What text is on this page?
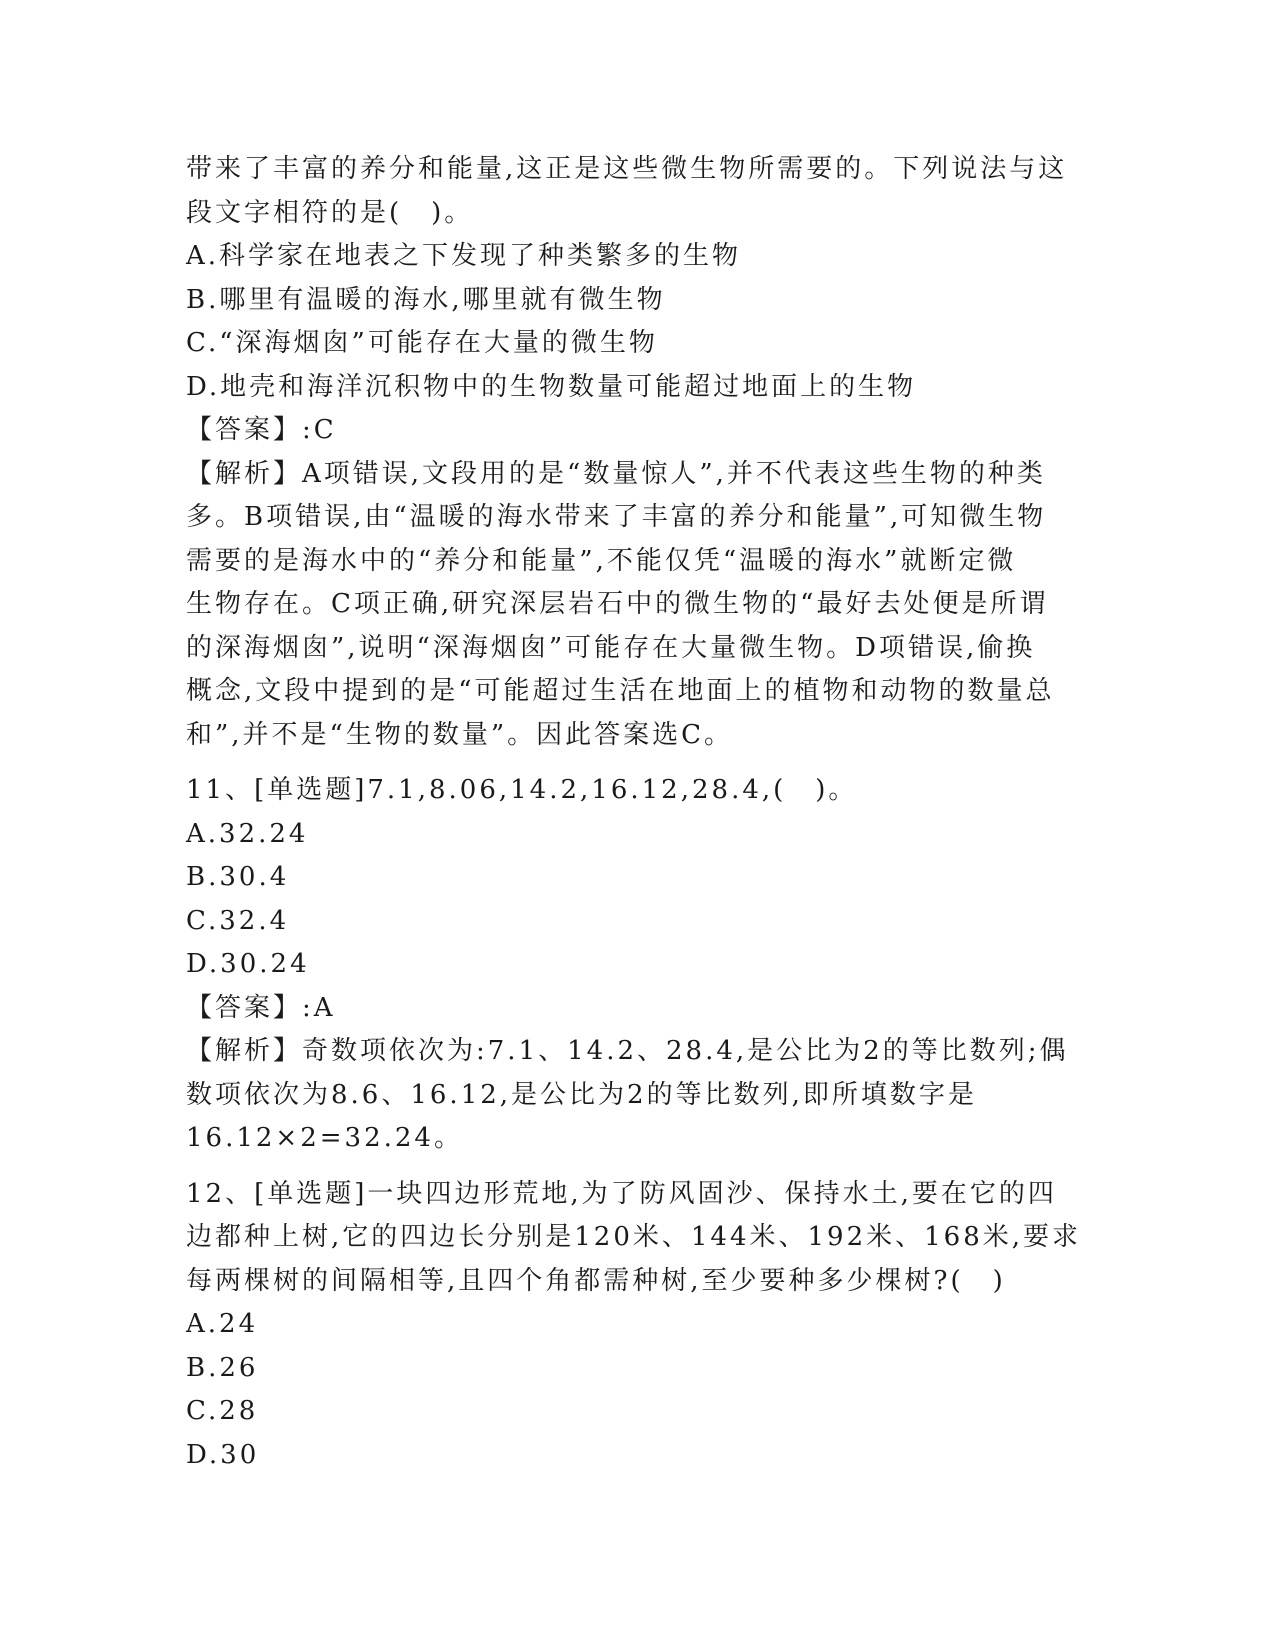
带来了丰富的养分和能量,这正是这些微生物所需要的。下列说法与这
段文字相符的是(　)。
A.科学家在地表之下发现了种类繁多的生物
B.哪里有温暖的海水,哪里就有微生物
C.“深海烟囱”可能存在大量的微生物
D.地壳和海洋沉积物中的生物数量可能超过地面上的生物
【答案】:C
【解析】A项错误,文段用的是“数量惊人”,并不代表这些生物的种类
多。B项错误,由“温暖的海水带来了丰富的养分和能量”,可知微生物
需要的是海水中的“养分和能量”,不能仅凭“温暖的海水”就断定微
生物存在。C项正确,研究深层岩石中的微生物的“最好去处便是所谓
的深海烟囱”,说明“深海烟囱”可能存在大量微生物。D项错误,偷换
概念,文段中提到的是“可能超过生活在地面上的植物和动物的数量总
和”,并不是“生物的数量”。因此答案选C。
11、[单选题]7.1,8.06,14.2,16.12,28.4,(　)。
A.32.24
B.30.4
C.32.4
D.30.24
【答案】:A
【解析】奇数项依次为:7.1、14.2、28.4,是公比为2的等比数列;偶
数项依次为8.6、16.12,是公比为2的等比数列,即所填数字是
16.12×2=32.24。
12、[单选题]一块四边形荒地,为了防风固沙、保持水土,要在它的四
边都种上树,它的四边长分别是120米、144米、192米、168米,要求
每两棵树的间隔相等,且四个角都需种树,至少要种多少棵树?(　)
A.24
B.26
C.28
D.30
